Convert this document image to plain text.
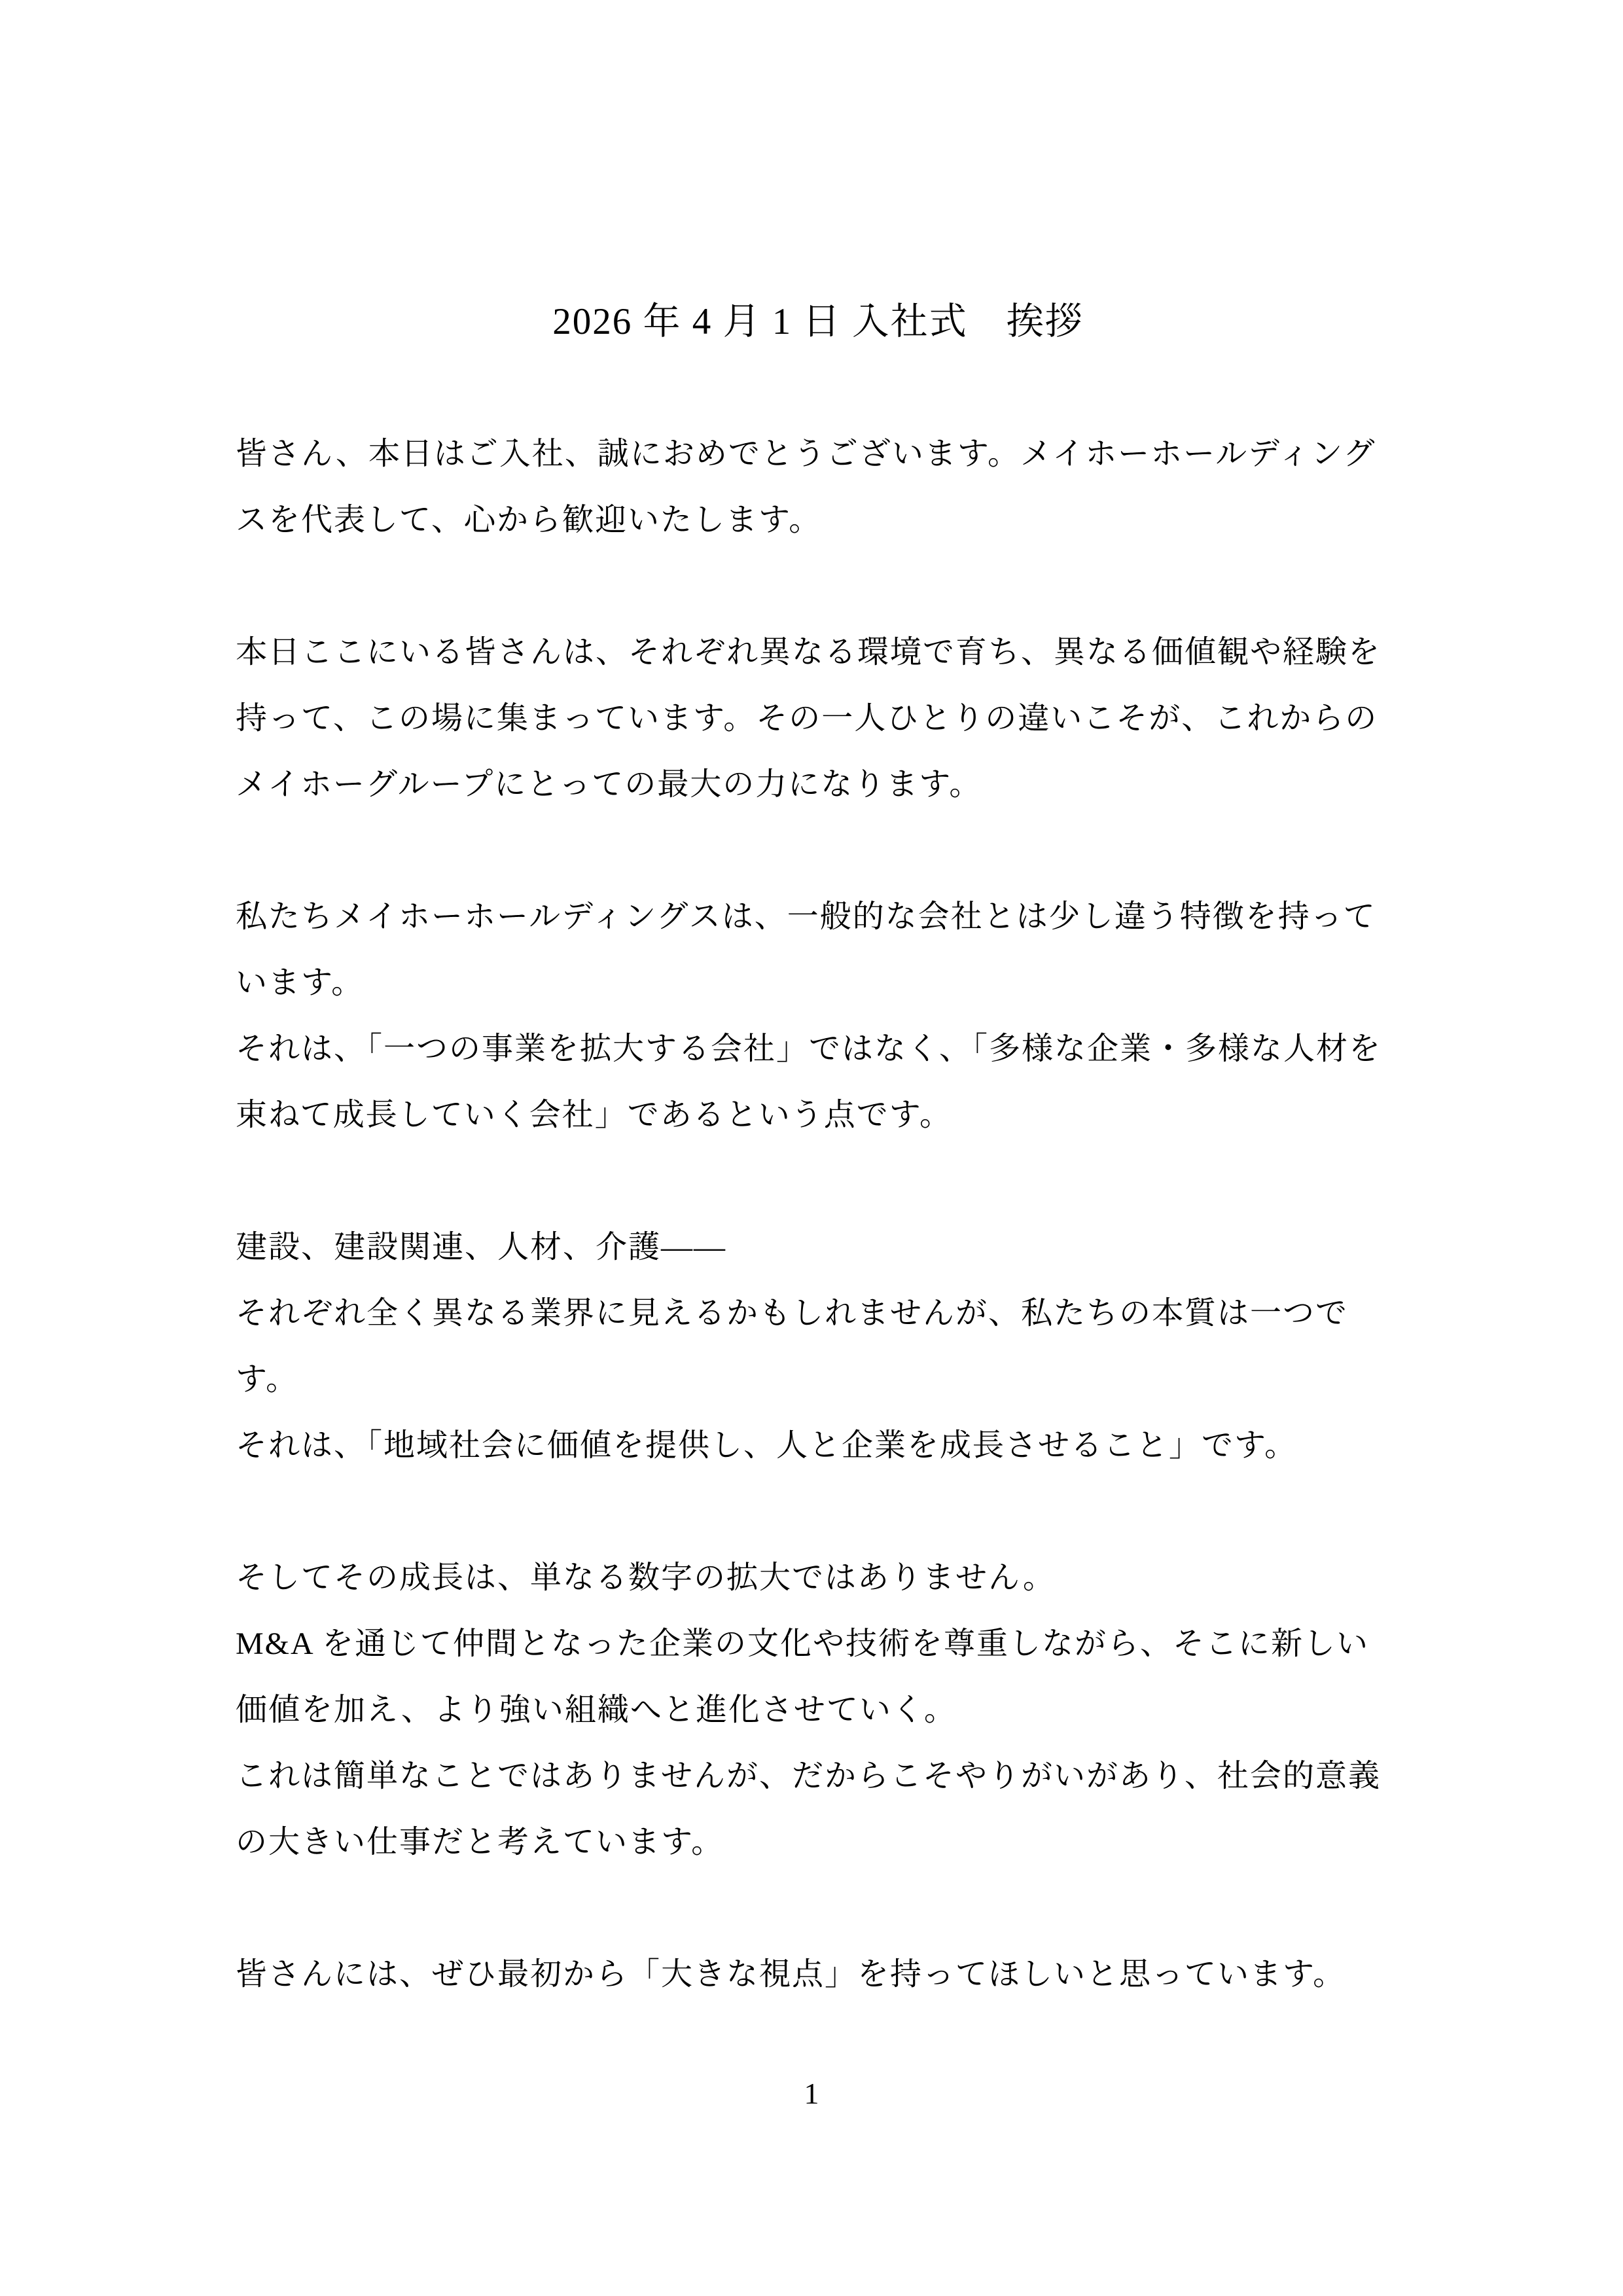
2026 年 4 月 1 日 入社式　挨拶
皆さん、本日はご入社、誠におめでとうございます。メイホーホールディング
スを代表して、心から歓迎いたします。
本日ここにいる皆さんは、それぞれ異なる環境で育ち、異なる価値観や経験を
持って、この場に集まっています。その一人ひとりの違いこそが、これからの
メイホーグループにとっての最大の力になります。
私たちメイホーホールディングスは、一般的な会社とは少し違う特徴を持って
います。
それは、「一つの事業を拡大する会社」ではなく、「多様な企業・多様な人材を
束ねて成長していく会社」であるという点です。
建設、建設関連、人材、介護——
それぞれ全く異なる業界に見えるかもしれませんが、私たちの本質は一つで
す。
それは、「地域社会に価値を提供し、人と企業を成長させること」です。
そしてその成長は、単なる数字の拡大ではありません。
M&A を通じて仲間となった企業の文化や技術を尊重しながら、そこに新しい
価値を加え、より強い組織へと進化させていく。
これは簡単なことではありませんが、だからこそやりがいがあり、社会的意義
の大きい仕事だと考えています。
皆さんには、ぜひ最初から「大きな視点」を持ってほしいと思っています。
1
